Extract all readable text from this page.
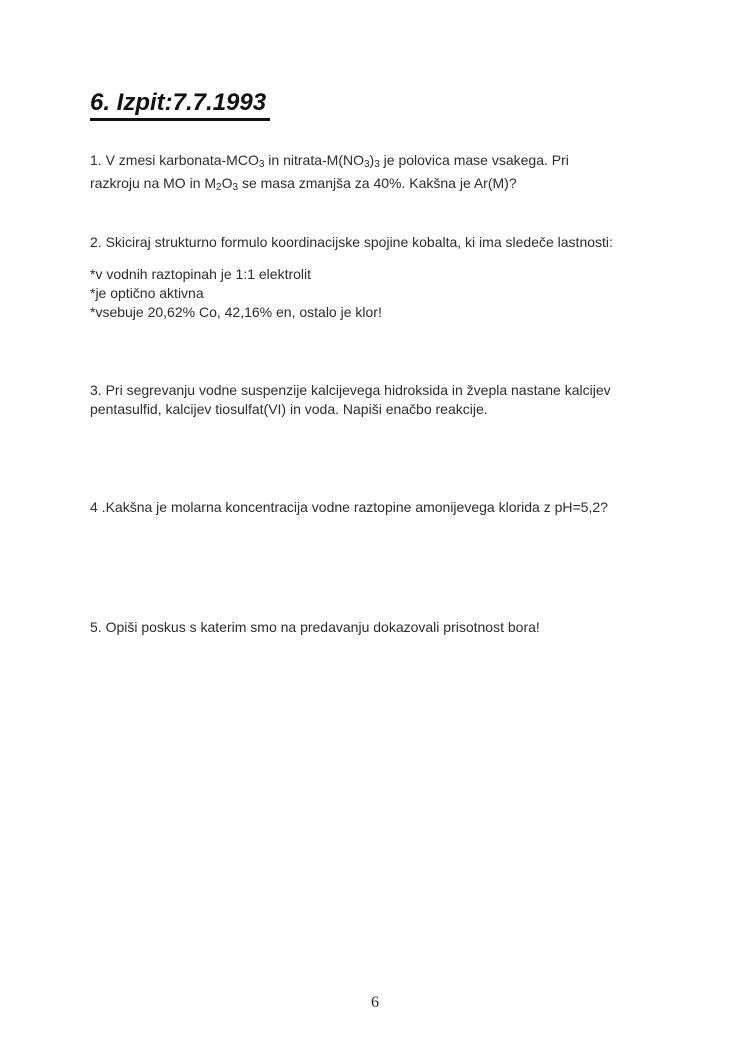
6. Izpit:7.7.1993
1. V zmesi karbonata-$MCO_3$ in nitrata-$M(NO_3)_3$ je polovica mase vsakega. Pri
razkroju na MO in $M_2O_3$ se masa zmanjša za 40%. Kakšna je Ar(M)?
2. Skiciraj strukturno formulo koordinacijske spojine kobalta, ki ima sledeče lastnosti:
*v vodnih raztopinah je 1:1 elektrolit
*je optično aktivna
*vsebuje 20,62% Co, 42,16% en, ostalo je klor!
3. Pri segrevanju vodne suspenzije kalcijevega hidroksida in žvepla nastane kalcijev
pentasulfid, kalcijev tiosulfat(VI) in voda. Napiši enačbo reakcije.
4 .Kakšna je molarna koncentracija vodne raztopine amonijevega klorida z pH=5,2?
5. Opiši poskus s katerim smo na predavanju dokazovali prisotnost bora!
6
